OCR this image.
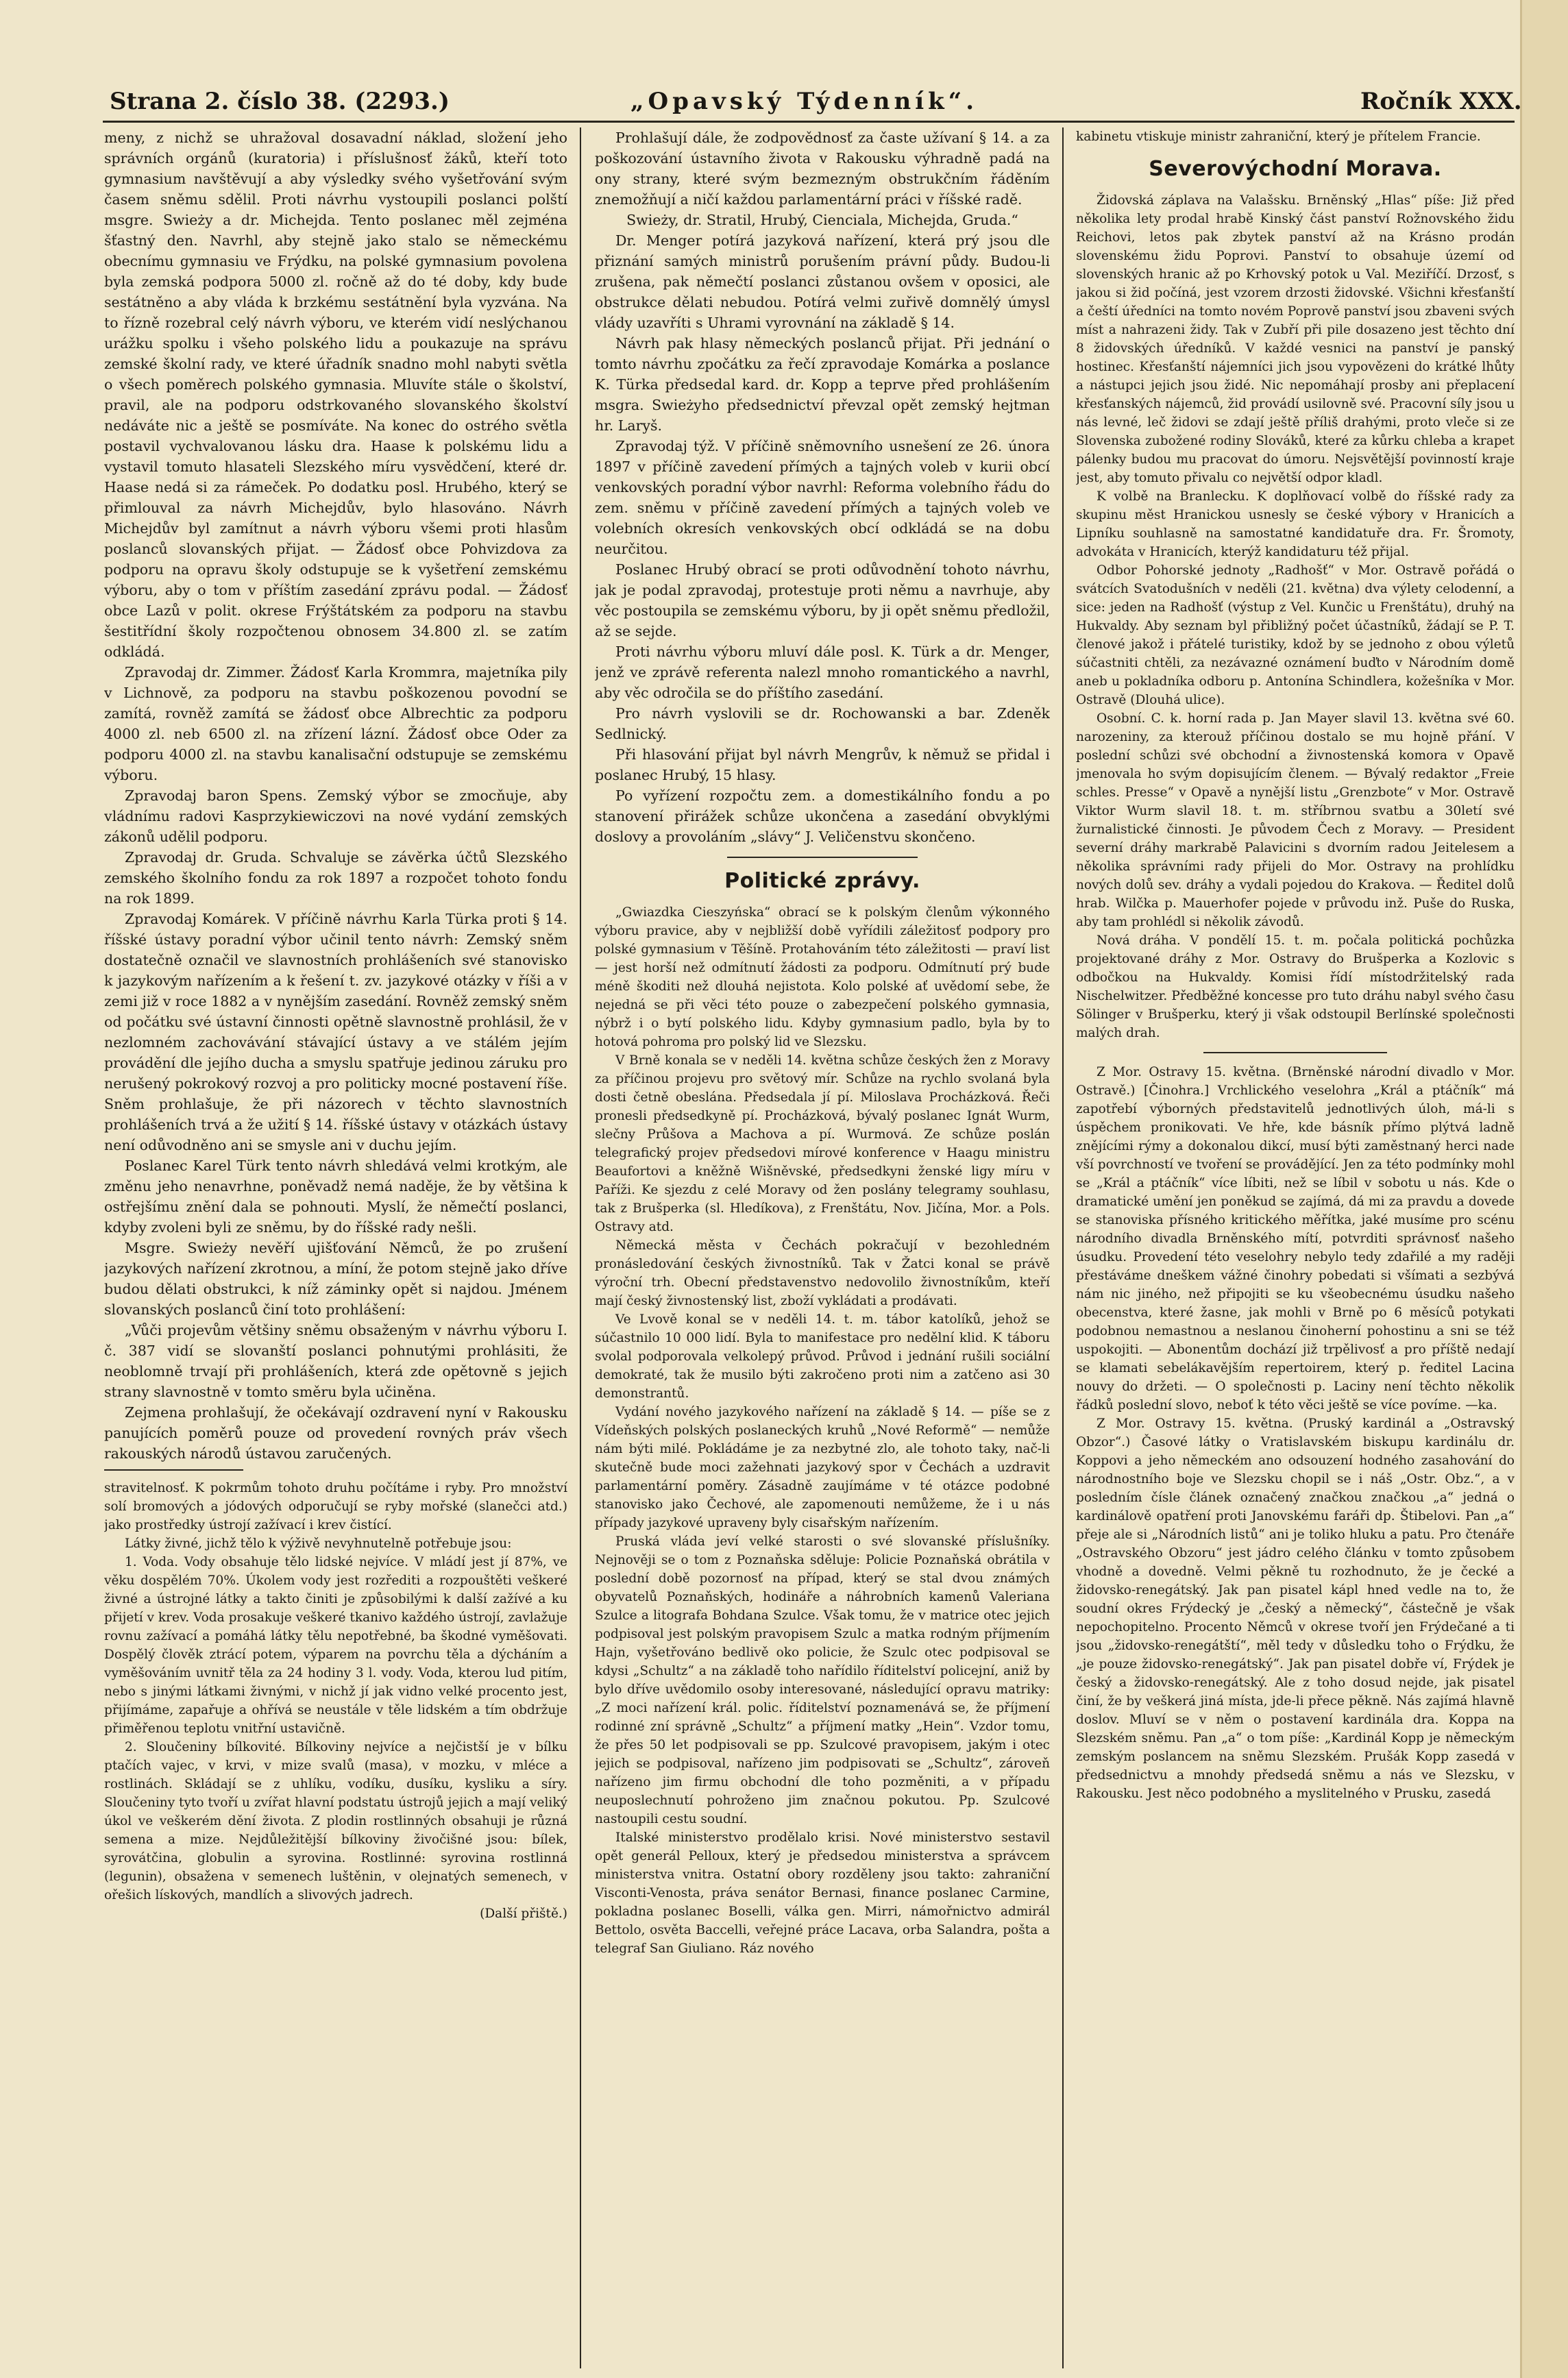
Strana 2. číslo 38. (2293.)	„Opavský Týdenník“.	Ročník XXX.

meny, z nichž se uhražoval dosavadní náklad, složení jeho správních orgánů (kuratoria) i příslušnosť žáků, kteří toto gymnasium navštěvují a aby výsledky svého vyšetřování svým časem sněmu sdělil. Proti návrhu vystoupili poslanci polští msgre. Swieży a dr. Michejda. Tento poslanec měl zejména šťastný den. Navrhl, aby stejně jako stalo se německému obecnímu gymnasiu ve Frýdku, na polské gymnasium povolena byla zemská podpora 5000 zl. ročně až do té doby, kdy bude sestátněno a aby vláda k brzkému sestátnění byla vyzvána. Na to řízně rozebral celý návrh výboru, ve kterém vidí neslýchanou urážku spolku i všeho polského lidu a poukazuje na správu zemské školní rady, ve které úřadník snadno mohl nabyti světla o všech poměrech polského gymnasia. Mluvíte stále o školství, pravil, ale na podporu odstrkovaného slovanského školství nedáváte nic a ještě se posmíváte. Na konec do ostrého světla postavil vychvalovanou lásku dra. Haase k polskému lidu a vystavil tomuto hlasateli Slezského míru vysvědčení, které dr. Haase nedá si za rámeček. Po dodatku posl. Hrubého, který se přimlouval za návrh Michejdův, bylo hlasováno. Návrh Michejdův byl zamítnut a návrh výboru všemi proti hlasům poslanců slovanských přijat. — Žádosť obce Pohvizdova za podporu na opravu školy odstupuje se k vyšetření zemskému výboru, aby o tom v příštím zasedání zprávu podal. — Žádosť obce Lazů v polit. okrese Frýštátském za podporu na stavbu šestitřídní školy rozpočtenou obnosem 34.800 zl. se zatím odkládá.

Zpravodaj dr. Zimmer. Žádosť Karla Krommra, majetníka pily v Lichnově, za podporu na stavbu poškozenou povodní se zamítá, rovněž zamítá se žádosť obce Albrechtic za podporu 4000 zl. neb 6500 zl. na zřízení lázní. Žádosť obce Oder za podporu 4000 zl. na stavbu kanalisační odstupuje se zemskému výboru.

Zpravodaj baron Spens. Zemský výbor se zmocňuje, aby vládnímu radovi Kasprzykiewiczovi na nové vydání zemských zákonů udělil podporu.

Zpravodaj dr. Gruda. Schvaluje se závěrka účtů Slezského zemského školního fondu za rok 1897 a rozpočet tohoto fondu na rok 1899.

Zpravodaj Komárek. V příčině návrhu Karla Türka proti § 14. říšské ústavy poradní výbor učinil tento návrh: Zemský sněm dostatečně označil ve slavnostních prohlášeních své stanovisko k jazykovým nařízením a k řešení t. zv. jazykové otázky v říši a v zemi již v roce 1882 a v nynějším zasedání. Rovněž zemský sněm od počátku své ústavní činnosti opětně slavnostně prohlásil, že v nezlomném zachovávání stávající ústavy a ve stálém jejím provádění dle jejího ducha a smyslu spatřuje jedinou záruku pro nerušený pokrokový rozvoj a pro politicky mocné postavení říše. Sněm prohlašuje, že při názorech v těchto slavnostních prohlášeních trvá a že užití § 14. říšské ústavy v otázkách ústavy není odůvodněno ani se smysle ani v duchu jejím.

Poslanec Karel Türk tento návrh shledává velmi krotkým, ale změnu jeho nenavrhne, poněvadž nemá naděje, že by většina k ostřejšímu znění dala se pohnouti. Myslí, že němečtí poslanci, kdyby zvoleni byli ze sněmu, by do říšské rady nešli.

Msgre. Swieży nevěří ujišťování Němců, že po zrušení jazykových nařízení zkrotnou, a míní, že potom stejně jako dříve budou dělati obstrukci, k níž záminky opět si najdou. Jménem slovanských poslanců činí toto prohlášení:

„Vůči projevům většiny sněmu obsaženým v návrhu výboru I. č. 387 vidí se slovanští poslanci pohnutými prohlásiti, že neoblomně trvají při prohlášeních, která zde opětovně s jejich strany slavnostně v tomto směru byla učiněna.

Zejmena prohlašují, že očekávají ozdravení nyní v Rakousku panujících poměrů pouze od provedení rovných práv všech rakouských národů ústavou zaručených.

stravitelnosť. K pokrmům tohoto druhu počítáme i ryby. Pro množství solí bromových a jódových odporučují se ryby mořské (slanečci atd.) jako prostředky ústrojí zažívací i krev čistící.

Látky živné, jichž tělo k výživě nevyhnutelně potřebuje jsou:

1. Voda. Vody obsahuje tělo lidské nejvíce. V mládí jest jí 87%, ve věku dospělém 70%. Úkolem vody jest rozřediti a rozpouštěti veškeré živné a ústrojné látky a takto činiti je způsobilými k další zažívé a ku přijetí v krev. Voda prosakuje veškeré tkanivo každého ústrojí, zavlažuje rovnu zažívací a pomáhá látky tělu nepotřebné, ba škodné vyměšovati. Dospělý člověk ztrácí potem, výparem na povrchu těla a dýcháním a vyměšováním uvnitř těla za 24 hodiny 3 l. vody. Voda, kterou lud pitím, nebo s jinými látkami živnými, v nichž jí jak vidno velké procento jest, přijímáme, zapařuje a ohřívá se neustále v těle lidském a tím obdržuje přiměřenou teplotu vnitřní ustavičně.

2. Sloučeniny bílkovité. Bílkoviny nejvíce a nejčistší je v bílku ptačích vajec, v krvi, v mize svalů (masa), v mozku, v mléce a rostlinách. Skládají se z uhlíku, vodíku, dusíku, kysliku a síry. Sloučeniny tyto tvoří u zvířat hlavní podstatu ústrojů jejich a mají veliký úkol ve veškerém dění života. Z plodin rostlinných obsahuji je různá semena a mize. Nejdůležitější bílkoviny živočišné jsou: bílek, syrovátčina, globulin a syrovina. Rostlinné: syrovina rostlinná (legunin), obsažena v semenech luštěnin, v olejnatých semenech, v ořešich lískových, mandlích a slivových jadrech.

(Další přiště.)

Prohlašují dále, že zodpovědnosť za časte užívaní § 14. a za poškozování ústavního života v Rakousku výhradně padá na ony strany, které svým bezmezným obstrukčním řáděním znemožňují a ničí každou parlamentární práci v říšské radě.

Swieży, dr. Stratil, Hrubý, Cienciala, Michejda, Gruda.“

Dr. Menger potírá jazyková nařízení, která prý jsou dle přiznání samých ministrů porušením právní půdy. Budou-li zrušena, pak němečtí poslanci zůstanou ovšem v oposici, ale obstrukce dělati nebudou. Potírá velmi zuřivě domnělý úmysl vlády uzavříti s Uhrami vyrovnání na základě § 14.

Návrh pak hlasy německých poslanců přijat. Při jednání o tomto návrhu zpočátku za řečí zpravodaje Komárka a poslance K. Türka předsedal kard. dr. Kopp a teprve před prohlášením msgra. Swieżyho předsednictví převzal opět zemský hejtman hr. Laryš.

Zpravodaj týž. V příčině sněmovního usnešení ze 26. února 1897 v příčině zavedení přímých a tajných voleb v kurii obcí venkovských poradní výbor navrhl: Reforma volebního řádu do zem. sněmu v příčině zavedení přímých a tajných voleb ve volebních okresích venkovských obcí odkládá se na dobu neurčitou.

Poslanec Hrubý obrací se proti odůvodnění tohoto návrhu, jak je podal zpravodaj, protestuje proti němu a navrhuje, aby věc postoupila se zemskému výboru, by ji opět sněmu předložil, až se sejde.

Proti návrhu výboru mluví dále posl. K. Türk a dr. Menger, jenž ve zprávě referenta nalezl mnoho romantického a navrhl, aby věc odročila se do příštího zasedání.

Pro návrh vyslovili se dr. Rochowanski a bar. Zdeněk Sedlnický.

Při hlasování přijat byl návrh Mengrův, k němuž se přidal i poslanec Hrubý, 15 hlasy.

Po vyřízení rozpočtu zem. a domestikálního fondu a po stanovení přirážek schůze ukončena a zasedání obvyklými doslovy a provoláním „slávy“ J. Veličenstvu skončeno.

Politické zprávy.

„Gwiazdka Cieszyńska“ obrací se k polským členům výkonného výboru pravice, aby v nejbližší době vyřídili záležitosť podpory pro polské gymnasium v Těšíně. Protahováním této záležitosti — praví list — jest horší než odmítnutí žádosti za podporu. Odmítnutí prý bude méně škoditi než dlouhá nejistota. Kolo polské ať uvědomí sebe, že nejedná se při věci této pouze o zabezpečení polského gymnasia, nýbrž i o bytí polského lidu. Kdyby gymnasium padlo, byla by to hotová pohroma pro polský lid ve Slezsku.

V Brně konala se v neděli 14. května schůze českých žen z Moravy za příčinou projevu pro světový mír. Schůze na rychlo svolaná byla dosti četně obeslána. Předsedala jí pí. Miloslava Procházková. Řeči pronesli předsedkyně pí. Procházková, bývalý poslanec Ignát Wurm, slečny Průšova a Machova a pí. Wurmová. Ze schůze poslán telegrafický projev předsedovi mírové konference v Haagu ministru Beaufortovi a kněžně Wišněvské, předsedkyni ženské ligy míru v Paříži. Ke sjezdu z celé Moravy od žen poslány telegramy souhlasu, tak z Brušperka (sl. Hledíkova), z Frenštátu, Nov. Jičína, Mor. a Pols. Ostravy atd.

Německá města v Čechách pokračují v bezohledném pronásledování českých živnostníků. Tak v Žatci konal se právě výroční trh. Obecní představenstvo nedovolilo živnostníkům, kteří mají český živnostenský list, zboží vykládati a prodávati.

Ve Lvově konal se v neděli 14. t. m. tábor katolíků, jehož se súčastnilo 10 000 lidí. Byla to manifestace pro nedělní klid. K táboru svolal podporovala velkolepý průvod. Průvod i jednání rušili sociální demokraté, tak že musilo býti zakročeno proti nim a zatčeno asi 30 demonstrantů.

Vydání nového jazykového nařízení na základě § 14. — píše se z Vídeňských polských poslaneckých kruhů „Nové Reformě“ — nemůže nám býti milé. Pokládáme je za nezbytné zlo, ale tohoto taky, nač-li skutečně bude moci zažehnati jazykový spor v Čechách a uzdravit parlamentární poměry. Zásadně zaujímáme v té otázce podobné stanovisko jako Čechové, ale zapomenouti nemůžeme, že i u nás případy jazykové upraveny byly cisařským nařízením.

Pruská vláda jeví velké starosti o své slovanské příslušníky. Nejnověji se o tom z Poznaňska sděluje: Policie Poznaňská obrátila v poslední době pozornosť na případ, který se stal dvou známých obyvatelů Poznaňských, hodináře a náhrobních kamenů Valeriana Szulce a litografa Bohdana Szulce. Však tomu, že v matrice otec jejich podpisoval jest polským pravopisem Szulc a matka rodným příjmením Hajn, vyšetřováno bedlivě oko policie, že Szulc otec podpisoval se kdysi „Schultz“ a na základě toho nařídilo říditelství policejní, aniž by bylo dříve uvědomilo osoby interesované, následující opravu matriky: „Z moci nařízení král. polic. říditelství poznamenává se, že příjmení rodinné zní správně „Schultz“ a příjmení matky „Hein“. Vzdor tomu, že přes 50 let podpisovali se pp. Szulcové pravopisem, jakým i otec jejich se podpisoval, nařízeno jim podpisovati se „Schultz“, zároveň nařízeno jim firmu obchodní dle toho pozměniti, a v případu neuposlechnutí pohroženo jim značnou pokutou. Pp. Szulcové nastoupili cestu soudní.

Italské ministerstvo prodělalo krisi. Nové ministerstvo sestavil opět generál Pelloux, který je předsedou ministerstva a správcem ministerstva vnitra. Ostatní obory rozděleny jsou takto: zahraniční Visconti-Venosta, práva senátor Bernasi, finance poslanec Carmine, pokladna poslanec Boselli, válka gen. Mirri, námořnictvo admirál Bettolo, osvěta Baccelli, veřejné práce Lacava, orba Salandra, pošta a telegraf San Giuliano. Ráz nového

kabinetu vtiskuje ministr zahraniční, který je přítelem Francie.

Severovýchodní Morava.

Židovská záplava na Valašsku. Brněnský „Hlas“ píše: Již před několika lety prodal hrabě Kinský část panství Rožnovského židu Reichovi, letos pak zbytek panství až na Krásno prodán slovenskému židu Poprovi. Panství to obsahuje území od slovenských hranic až po Krhovský potok u Val. Meziříčí. Drzosť, s jakou si žid počíná, jest vzorem drzosti židovské. Všichni křesťanští a čeští úředníci na tomto novém Poprově panství jsou zbaveni svých míst a nahrazeni židy. Tak v Zubří při pile dosazeno jest těchto dní 8 židovských úředníků. V každé vesnici na panství je panský hostinec. Křesťanští nájemníci jich jsou vypovězeni do krátké lhůty a nástupci jejich jsou židé. Nic nepomáhají prosby ani přeplacení křesťanských nájemců, žid provádí usilovně své. Pracovní síly jsou u nás levné, leč židovi se zdají ještě příliš drahými, proto vleče si ze Slovenska zubožené rodiny Slováků, které za kůrku chleba a krapet pálenky budou mu pracovat do úmoru. Nejsvětější povinností kraje jest, aby tomuto přivalu co největší odpor kladl.

K volbě na Branlecku. K doplňovací volbě do říšské rady za skupinu měst Hranickou usnesly se české výbory v Hranicích a Lipníku souhlasně na samostatné kandidatuře dra. Fr. Šromoty, advokáta v Hranicích, kterýž kandidaturu též přijal.

Odbor Pohorské jednoty „Radhošť“ v Mor. Ostravě pořádá o svátcích Svatodušních v neděli (21. května) dva výlety celodenní, a sice: jeden na Radhošť (výstup z Vel. Kunčic u Frenštátu), druhý na Hukvaldy. Aby seznam byl přibližný počet účastníků, žádají se P. T. členové jakož i přátelé turistiky, kdož by se jednoho z obou výletů súčastniti chtěli, za nezávazné oznámení buďto v Národním domě aneb u pokladníka odboru p. Antonína Schindlera, kožešníka v Mor. Ostravě (Dlouhá ulice).

Osobní. C. k. horní rada p. Jan Mayer slavil 13. května své 60. narozeniny, za kterouž příčinou dostalo se mu hojně přání. V poslední schůzi své obchodní a živnostenská komora v Opavě jmenovala ho svým dopisujícím členem. — Bývalý redaktor „Freie schles. Presse“ v Opavě a nynější listu „Grenzbote“ v Mor. Ostravě Viktor Wurm slavil 18. t. m. stříbrnou svatbu a 30letí své žurnalistické činnosti. Je původem Čech z Moravy. — President severní dráhy markrabě Palavicini s dvorním radou Jeitelesem a několika správními rady přijeli do Mor. Ostravy na prohlídku nových dolů sev. dráhy a vydali pojedou do Krakova. — Ředitel dolů hrab. Wilčka p. Mauerhofer pojede v průvodu inž. Puše do Ruska, aby tam prohlédl si několik závodů.

Nová dráha. V pondělí 15. t. m. počala politická pochůzka projektované dráhy z Mor. Ostravy do Brušperka a Kozlovic s odbočkou na Hukvaldy. Komisi řídí místodržitelský rada Nischelwitzer. Předběžné koncesse pro tuto dráhu nabyl svého času Sölinger v Brušperku, který ji však odstoupil Berlínské společnosti malých drah.

Z Mor. Ostravy 15. května. (Brněnské národní divadlo v Mor. Ostravě.) [Činohra.] Vrchlického veselohra „Král a ptáčník“ má zapotřebí výborných představitelů jednotlivých úloh, má-li s úspěchem pronikovati. Ve hře, kde básník přímo plýtvá ladně znějícími rýmy a dokonalou dikcí, musí býti zaměstnaný herci nade vší povrchností ve tvoření se provádějící. Jen za této podmínky mohl se „Král a ptáčník“ více líbiti, než se líbil v sobotu u nás. Kde o dramatické umění jen poněkud se zajímá, dá mi za pravdu a dovede se stanoviska přísného kritického měřítka, jaké musíme pro scénu národního divadla Brněnského mítí, potvrditi správnosť našeho úsudku. Provedení této veselohry nebylo tedy zdařilé a my raději přestáváme dneškem vážné činohry pobedati si všímati a sezbývá nám nic jiného, než připojiti se ku všeobecnému úsudku našeho obecenstva, které žasne, jak mohli v Brně po 6 měsíců potykati podobnou nemastnou a neslanou činoherní pohostinu a sni se též uspokojiti. — Abonentům dochází již trpělivosť a pro příště nedají se klamati sebelákavějším repertoirem, který p. ředitel Lacina nouvy do držeti. — O společnosti p. Laciny není těchto několik řádků poslední slovo, neboť k této věci ještě se více povíme. —ka.

Z Mor. Ostravy 15. května. (Pruský kardinál a „Ostravský Obzor“.) Časové látky o Vratislavském biskupu kardinálu dr. Koppovi a jeho německém ano odsouzení hodného zasahování do národnostního boje ve Slezsku chopil se i náš „Ostr. Obz.“, a v posledním čísle článek označený značkou značkou „a“ jedná o kardinálově opatření proti Janovskému faráři dp. Štibelovi. Pan „a“ přeje ale si „Národních listů“ ani je toliko hluku a patu. Pro čtenáře „Ostravského Obzoru“ jest jádro celého článku v tomto způsobem vhodně a dovedně. Velmi pěkně tu rozhodnuto, že je čecké a židovsko-renegátský. Jak pan pisatel kápl hned vedle na to, že soudní okres Frýdecký je „český a německý“, částečně je však nepochopitelno. Procento Němců v okrese tvoří jen Frýdečané a ti jsou „židovsko-renegátští“, měl tedy v důsledku toho o Frýdku, že „je pouze židovsko-renegátský“. Jak pan pisatel dobře ví, Frýdek je český a židovsko-renegátský. Ale z toho dosud nejde, jak pisatel činí, že by veškerá jiná místa, jde-li přece pěkně. Nás zajímá hlavně doslov. Mluví se v něm o postavení kardinála dra. Koppa na Slezském sněmu. Pan „a“ o tom píše: „Kardinál Kopp je německým zemským poslancem na sněmu Slezském. Prušák Kopp zasedá v předsednictvu a mnohdy předsedá sněmu a nás ve Slezsku, v Rakousku. Jest něco podobného a myslitelného v Prusku, zasedá
